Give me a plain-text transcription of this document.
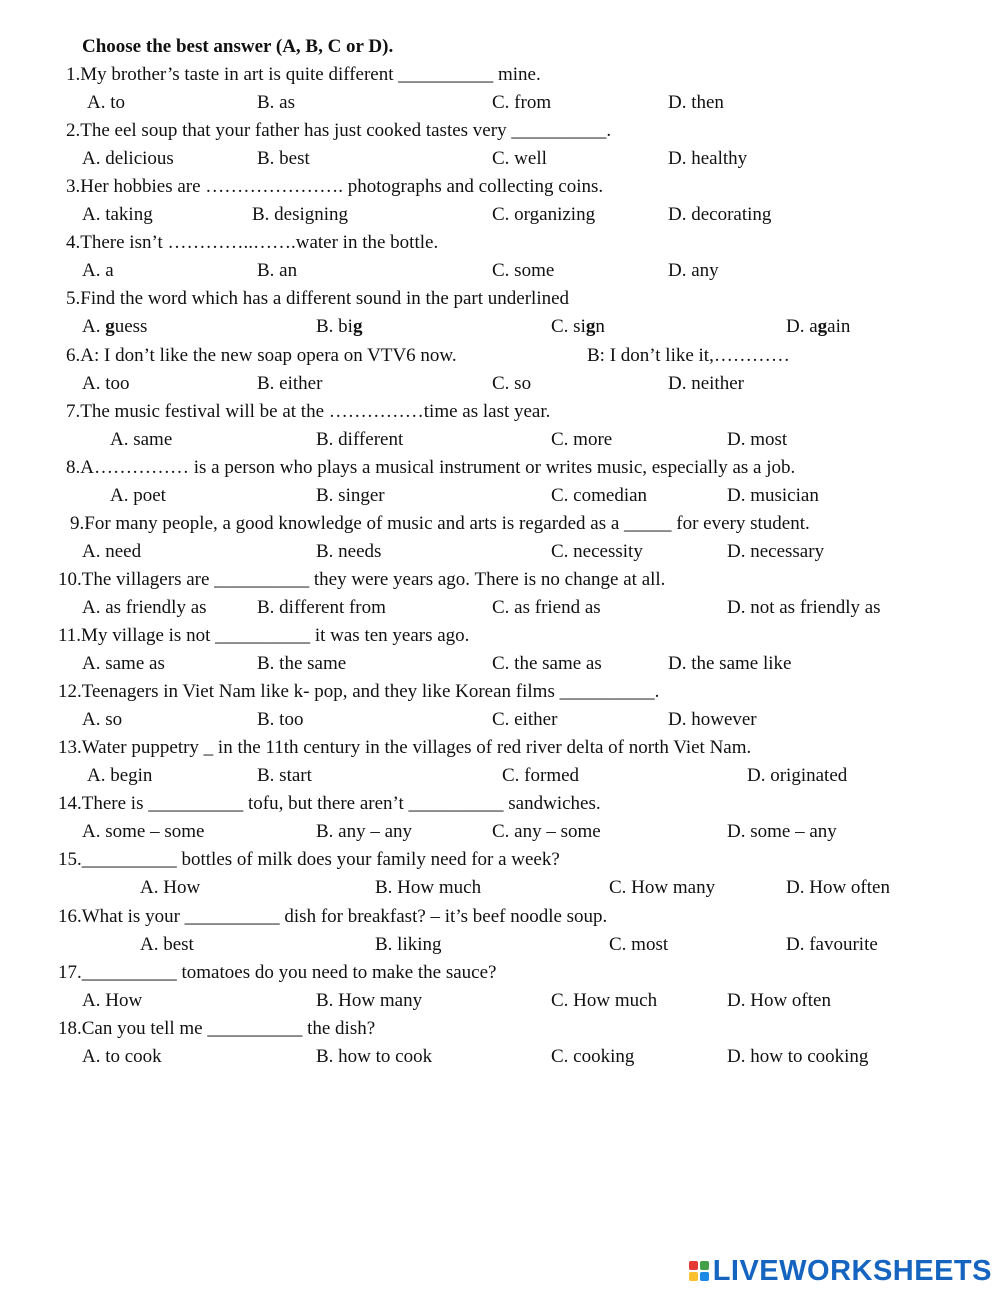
Choose the best answer (A, B, C or D).
1.My brother’s taste in art is quite different __________ mine.
A. to	B. as	C. from	D. then
2.The eel soup that your father has just cooked tastes very __________.
A. delicious	B. best	C. well	D. healthy
3.Her hobbies are …………………. photographs and collecting coins.
A. taking	B. designing	C. organizing	D. decorating
4.There isn’t …………..…….water in the bottle.
A. a	B. an	C. some	D. any
5.Find the word which has a different sound in the part underlined
A. guess	B. big	C. sign	D. again
6.A: I don’t like the new soap opera on VTV6 now.	B: I don’t like it,…………
A. too	B. either	C. so	D. neither
7.The music festival will be at the ……………time as last year.
A. same	B. different	C. more	D. most
8.A…………… is a person who plays a musical instrument or writes music, especially as a job.
A. poet	B. singer	C. comedian	D. musician
9.For many people, a good knowledge of music and arts is regarded as a _____ for every student.
A. need	B. needs	C. necessity	D. necessary
10.The villagers are __________ they were years ago. There is no change at all.
A. as friendly as	B. different from	C. as friend as	D. not as friendly as
11.My village is not __________ it was ten years ago.
A. same as	B. the same	C. the same as	D. the same like
12.Teenagers in Viet Nam like k- pop, and they like Korean films __________.
A. so	B. too	C. either	D. however
13.Water puppetry _ in the 11th century in the villages of red river delta of north Viet Nam.
A. begin	B. start	C. formed	D. originated
14.There is __________ tofu, but there aren’t __________ sandwiches.
A. some – some	B. any – any	C. any – some	D. some – any
15.__________ bottles of milk does your family need for a week?
A. How	B. How much	C. How many	D. How often
16.What is your __________ dish for breakfast? – it’s beef noodle soup.
A. best	B. liking	C. most	D. favourite
17.__________ tomatoes do you need to make the sauce?
A. How	B. How many	C. How much	D. How often
18.Can you tell me __________ the dish?
A. to cook	B. how to cook	C. cooking	D. how to cooking
LIVEWORKSHEETS
